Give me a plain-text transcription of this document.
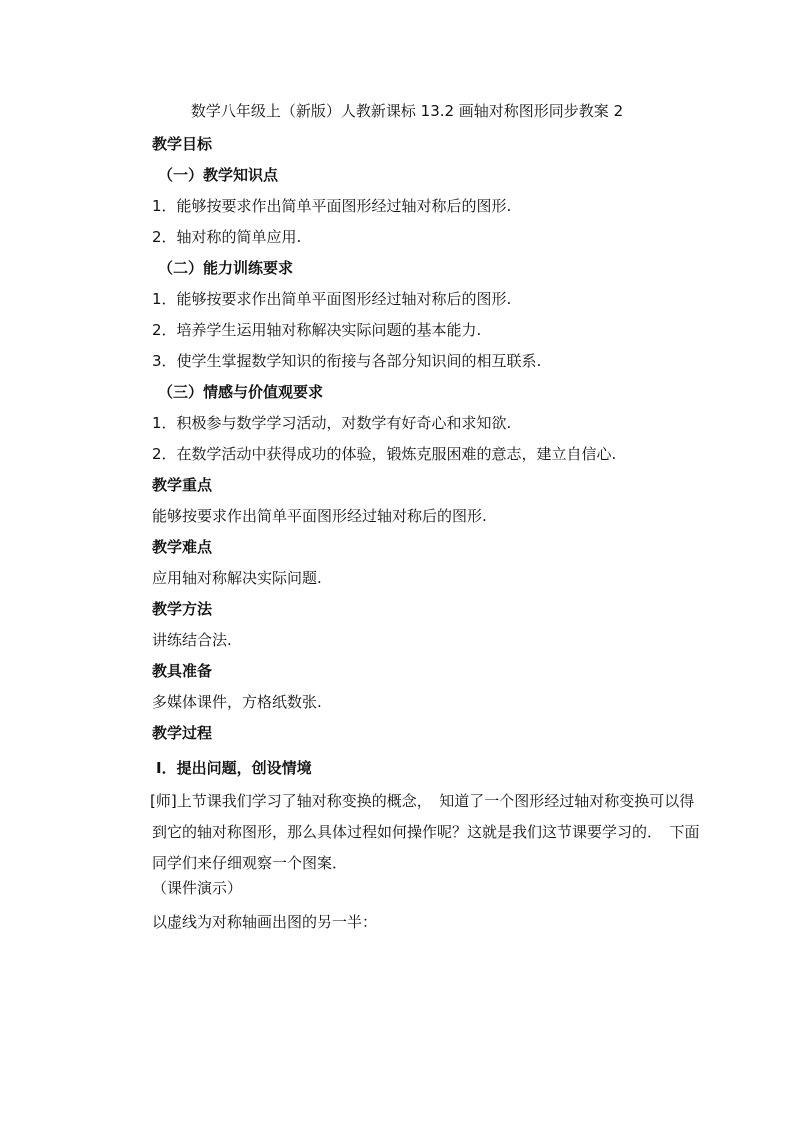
数学八年级上（新版）人教新课标 13.2 画轴对称图形同步教案 2
教学目标
（一）教学知识点
1．能够按要求作出简单平面图形经过轴对称后的图形.
2．轴对称的简单应用.
（二）能力训练要求
1．能够按要求作出简单平面图形经过轴对称后的图形.
2．培养学生运用轴对称解决实际问题的基本能力.
3．使学生掌握数学知识的衔接与各部分知识间的相互联系.
（三）情感与价值观要求
1．积极参与数学学习活动，对数学有好奇心和求知欲.
2．在数学活动中获得成功的体验，锻炼克服困难的意志，建立自信心.
教学重点
能够按要求作出简单平面图形经过轴对称后的图形.
教学难点
应用轴对称解决实际问题.
教学方法
讲练结合法.
教具准备
多媒体课件，方格纸数张.
教学过程
Ⅰ．提出问题，创设情境
[师]上节课我们学习了轴对称变换的概念，　知道了一个图形经过轴对称变换可以得到它的轴对称图形，那么具体过程如何操作呢？这就是我们这节课要学习的．　下面同学们来仔细观察一个图案．
（课件演示）
以虚线为对称轴画出图的另一半：
